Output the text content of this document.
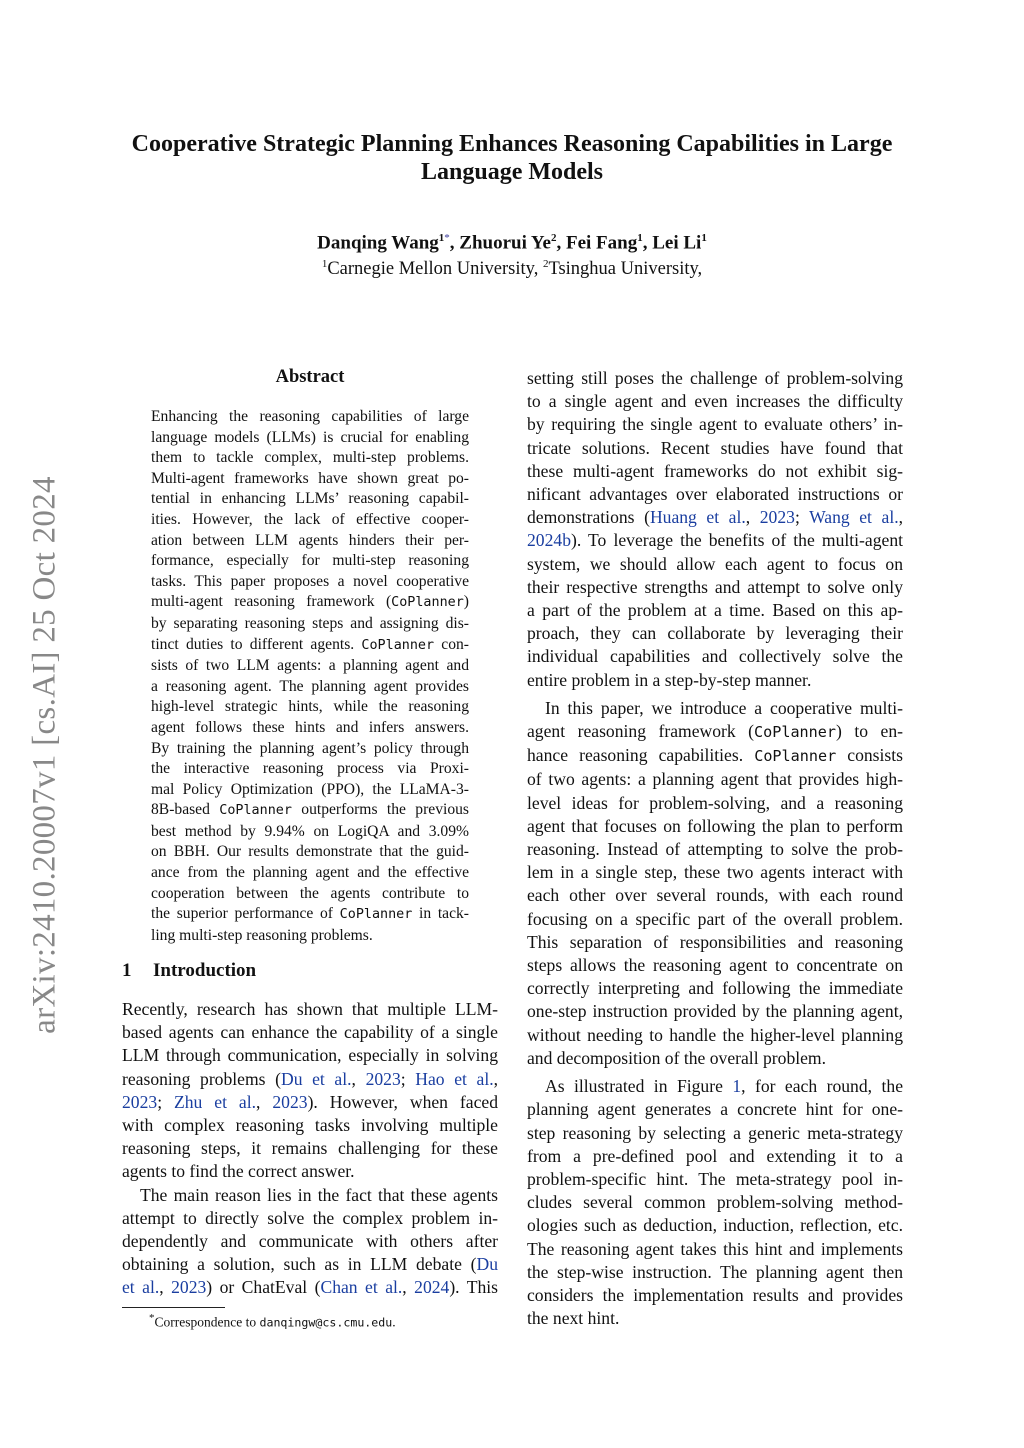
arXiv:2410.20007v1 [cs.AI] 25 Oct 2024
Cooperative Strategic Planning Enhances Reasoning Capabilities in Large
Language Models
Danqing Wang$^{1*}$, Zhuorui Ye$^2$, Fei Fang$^1$, Lei Li$^1$
$^1$Carnegie Mellon University, $^2$Tsinghua University,
Abstract
Enhancing the reasoning capabilities of large
language models (LLMs) is crucial for enabling
them to tackle complex, multi-step problems.
Multi-agent frameworks have shown great po-
tential in enhancing LLMs’ reasoning capabil-
ities. However, the lack of effective cooper-
ation between LLM agents hinders their per-
formance, especially for multi-step reasoning
tasks. This paper proposes a novel cooperative
multi-agent reasoning framework (CoPlanner)
by separating reasoning steps and assigning dis-
tinct duties to different agents. CoPlanner con-
sists of two LLM agents: a planning agent and
a reasoning agent. The planning agent provides
high-level strategic hints, while the reasoning
agent follows these hints and infers answers.
By training the planning agent’s policy through
the interactive reasoning process via Proxi-
mal Policy Optimization (PPO), the LLaMA-3-
8B-based CoPlanner outperforms the previous
best method by 9.94% on LogiQA and 3.09%
on BBH. Our results demonstrate that the guid-
ance from the planning agent and the effective
cooperation between the agents contribute to
the superior performance of CoPlanner in tack-
ling multi-step reasoning problems.
1 Introduction
Recently, research has shown that multiple LLM-
based agents can enhance the capability of a single
LLM through communication, especially in solving
reasoning problems (Du et al., 2023; Hao et al.,
2023; Zhu et al., 2023). However, when faced
with complex reasoning tasks involving multiple
reasoning steps, it remains challenging for these
agents to find the correct answer.
The main reason lies in the fact that these agents
attempt to directly solve the complex problem in-
dependently and communicate with others after
obtaining a solution, such as in LLM debate (Du
et al., 2023) or ChatEval (Chan et al., 2024). This
setting still poses the challenge of problem-solving
to a single agent and even increases the difficulty
by requiring the single agent to evaluate others’ in-
tricate solutions. Recent studies have found that
these multi-agent frameworks do not exhibit sig-
nificant advantages over elaborated instructions or
demonstrations (Huang et al., 2023; Wang et al.,
2024b). To leverage the benefits of the multi-agent
system, we should allow each agent to focus on
their respective strengths and attempt to solve only
a part of the problem at a time. Based on this ap-
proach, they can collaborate by leveraging their
individual capabilities and collectively solve the
entire problem in a step-by-step manner.
In this paper, we introduce a cooperative multi-
agent reasoning framework (CoPlanner) to en-
hance reasoning capabilities. CoPlanner consists
of two agents: a planning agent that provides high-
level ideas for problem-solving, and a reasoning
agent that focuses on following the plan to perform
reasoning. Instead of attempting to solve the prob-
lem in a single step, these two agents interact with
each other over several rounds, with each round
focusing on a specific part of the overall problem.
This separation of responsibilities and reasoning
steps allows the reasoning agent to concentrate on
correctly interpreting and following the immediate
one-step instruction provided by the planning agent,
without needing to handle the higher-level planning
and decomposition of the overall problem.
As illustrated in Figure 1, for each round, the
planning agent generates a concrete hint for one-
step reasoning by selecting a generic meta-strategy
from a pre-defined pool and extending it to a
problem-specific hint. The meta-strategy pool in-
cludes several common problem-solving method-
ologies such as deduction, induction, reflection, etc.
The reasoning agent takes this hint and implements
the step-wise instruction. The planning agent then
considers the implementation results and provides
the next hint.
*Correspondence to danqingw@cs.cmu.edu.
